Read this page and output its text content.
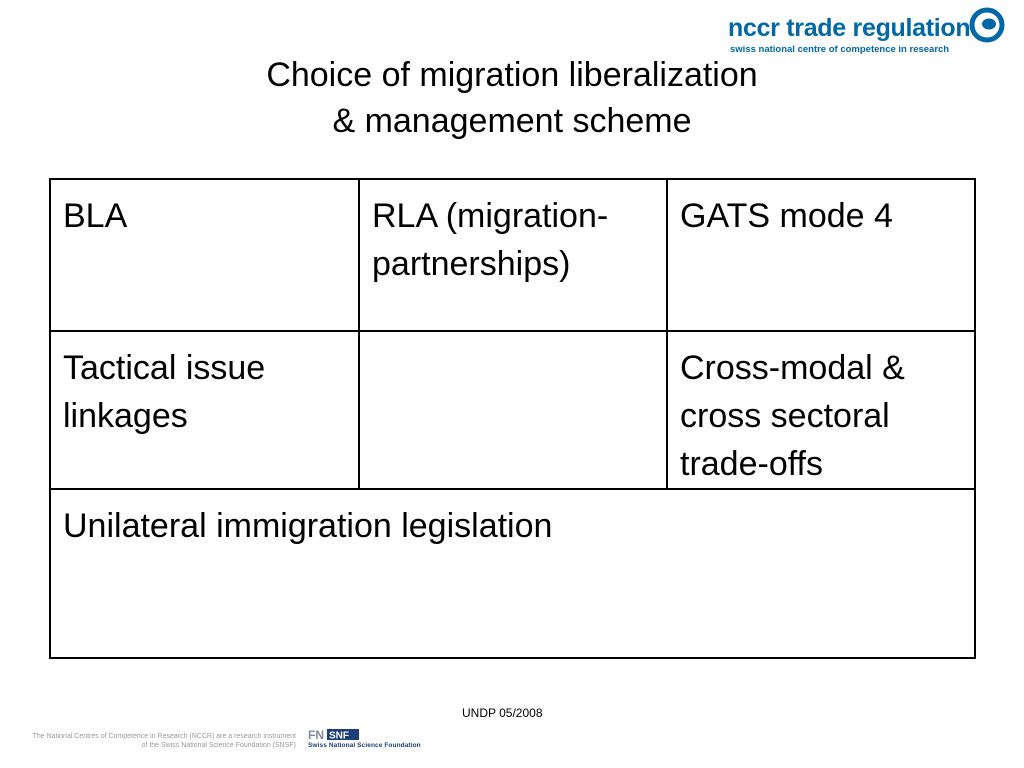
nccr trade regulation
swiss national centre of competence in research
Choice of migration liberalization
& management scheme
BLA	RLA (migration-partnerships)	GATS mode 4
Tactical issue linkages		Cross-modal & cross sectoral trade-offs
Unilateral immigration legislation		
UNDP 05/2008
The National Centres of Competence in Research (NCCR) are a research instrument
of the Swiss National Science Foundation (SNSF)
FN SNF
Swiss National Science Foundation
